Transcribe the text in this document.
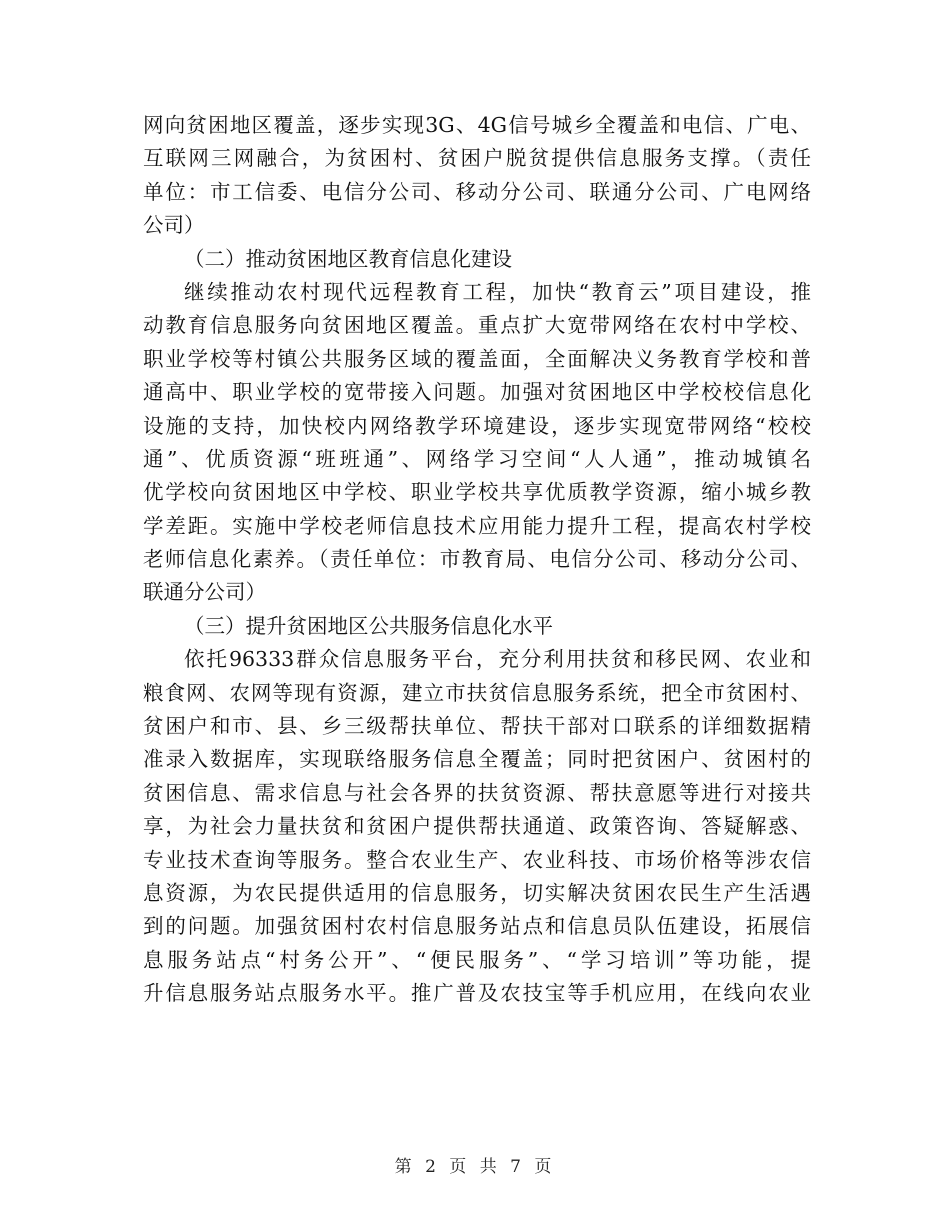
网向贫困地区覆盖，逐步实现3G、4G信号城乡全覆盖和电信、广电、
互联网三网融合，为贫困村、贫困户脱贫提供信息服务支撑。（责任
单位：市工信委、电信分公司、移动分公司、联通分公司、广电网络
公司）
（二）推动贫困地区教育信息化建设
继续推动农村现代远程教育工程，加快“教育云”项目建设，推
动教育信息服务向贫困地区覆盖。重点扩大宽带网络在农村中学校、
职业学校等村镇公共服务区域的覆盖面，全面解决义务教育学校和普
通高中、职业学校的宽带接入问题。加强对贫困地区中学校校信息化
设施的支持，加快校内网络教学环境建设，逐步实现宽带网络“校校
通”、优质资源“班班通”、网络学习空间“人人通”，推动城镇名
优学校向贫困地区中学校、职业学校共享优质教学资源，缩小城乡教
学差距。实施中学校老师信息技术应用能力提升工程，提高农村学校
老师信息化素养。（责任单位：市教育局、电信分公司、移动分公司、
联通分公司）
（三）提升贫困地区公共服务信息化水平
依托96333群众信息服务平台，充分利用扶贫和移民网、农业和
粮食网、农网等现有资源，建立市扶贫信息服务系统，把全市贫困村、
贫困户和市、县、乡三级帮扶单位、帮扶干部对口联系的详细数据精
准录入数据库，实现联络服务信息全覆盖；同时把贫困户、贫困村的
贫困信息、需求信息与社会各界的扶贫资源、帮扶意愿等进行对接共
享，为社会力量扶贫和贫困户提供帮扶通道、政策咨询、答疑解惑、
专业技术查询等服务。整合农业生产、农业科技、市场价格等涉农信
息资源，为农民提供适用的信息服务，切实解决贫困农民生产生活遇
到的问题。加强贫困村农村信息服务站点和信息员队伍建设，拓展信
息服务站点“村务公开”、“便民服务”、“学习培训”等功能，提
升信息服务站点服务水平。推广普及农技宝等手机应用，在线向农业
第 2 页 共 7 页
